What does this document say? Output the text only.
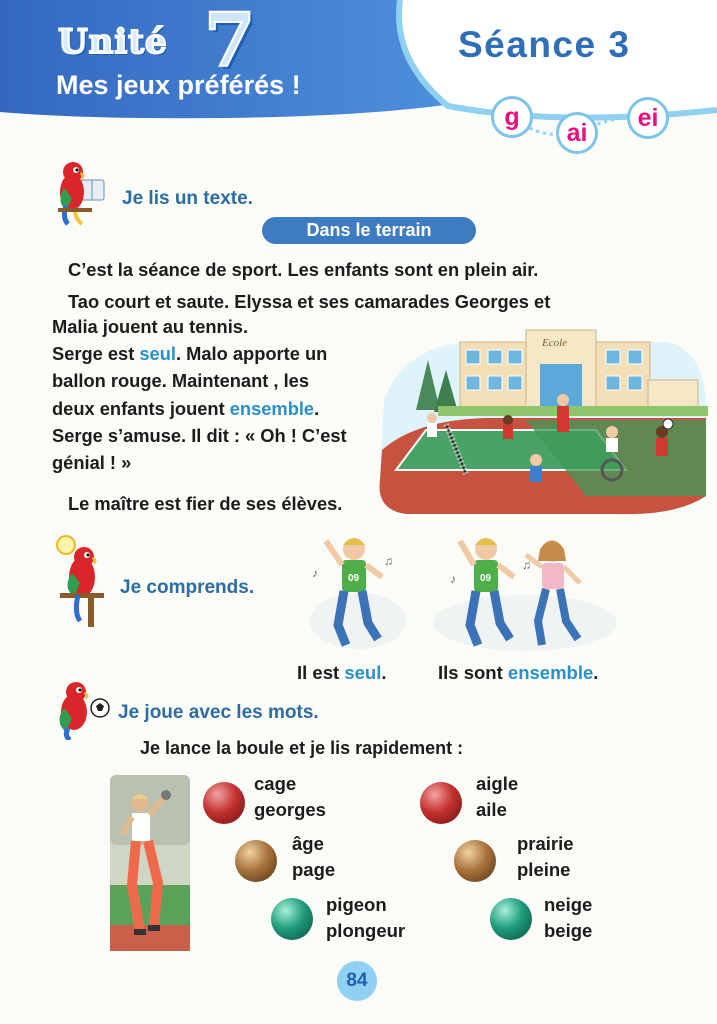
Unité 7
Mes jeux préférés !
Séance 3
g
ai
ei
Je lis un texte.
Dans le terrain
C’est la séance de sport. Les enfants sont en plein air.
Tao court et saute. Elyssa et ses camarades Georges et
Malia jouent au tennis.
Serge est seul. Malo apporte un
ballon rouge. Maintenant , les
deux enfants jouent ensemble.
Serge s’amuse. Il dit : « Oh ! C’est
génial ! »
Le maître est fier de ses élèves.
Ecole
Je comprends.	09
♪
♫
09
♪
♫
Il est seul.	Ils sont ensemble.
Je joue avec les mots.
Je lance la boule et je lis rapidement :
cage
georges
âge
page
pigeon
plongeur
aigle
aile
prairie
pleine
neige
beige
84
